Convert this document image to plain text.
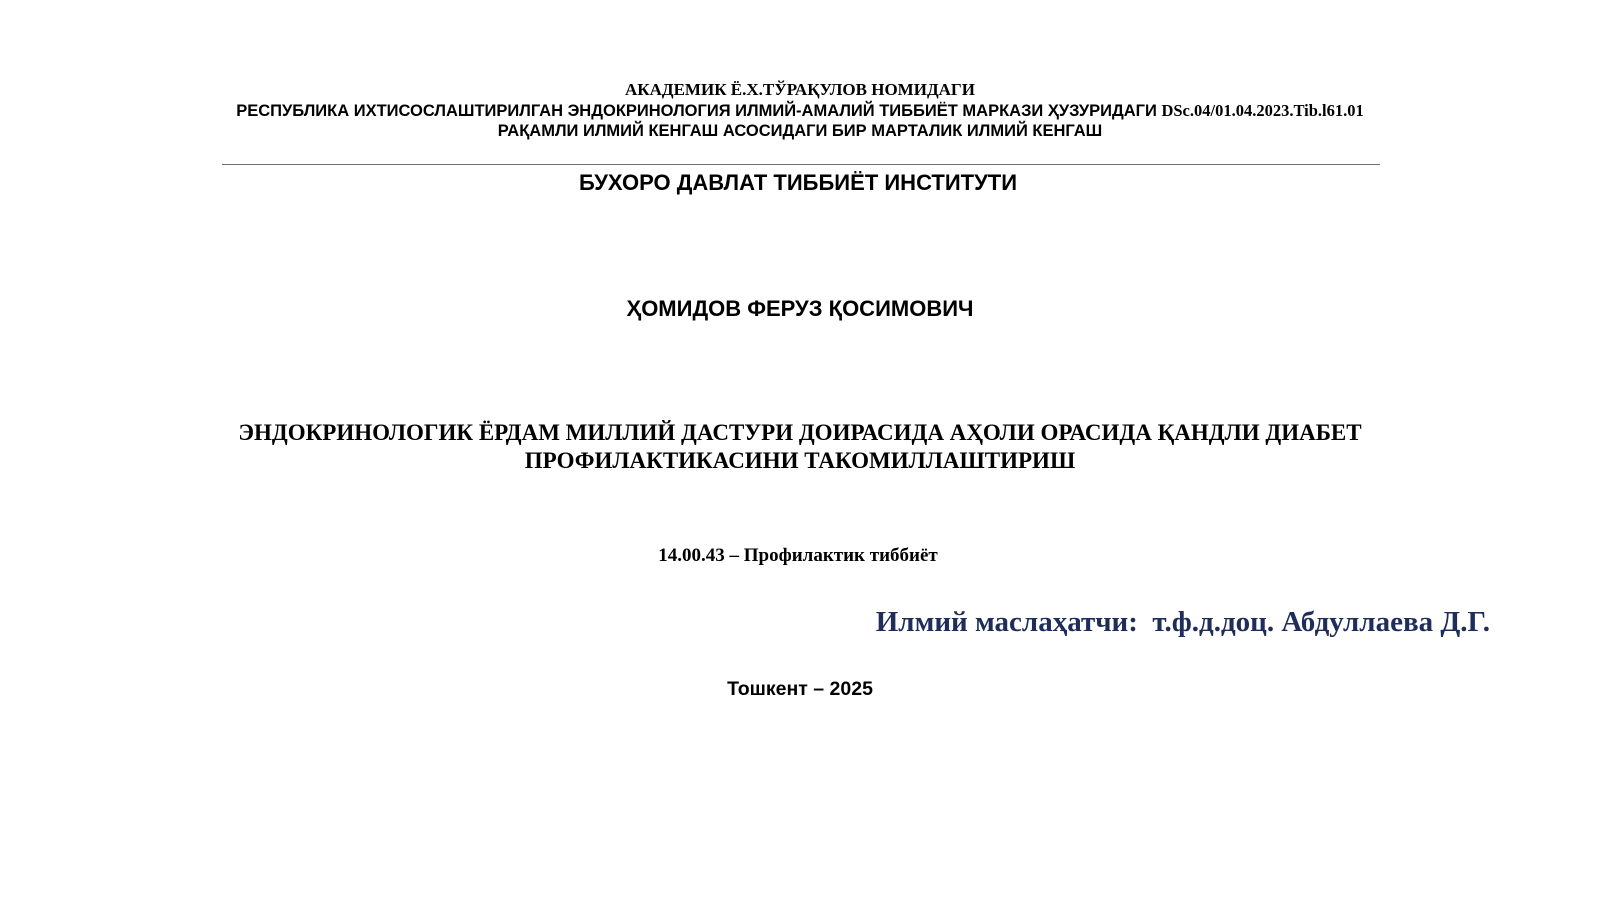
АКАДЕМИК Ё.Х.ТЎРАҚУЛОВ НОМИДАГИ
РЕСПУБЛИКА ИХТИСОСЛАШТИРИЛГАН ЭНДОКРИНОЛОГИЯ ИЛМИЙ-АМАЛИЙ ТИББИЁТ МАРКАЗИ ҲУЗУРИДАГИ DSc.04/01.04.2023.Tib.l61.01
РАҚАМЛИ ИЛМИЙ КЕНГАШ АСОСИДАГИ БИР МАРТАЛИК ИЛМИЙ КЕНГАШ
БУХОРО ДАВЛАТ ТИББИЁТ ИНСТИТУТИ
ҲОМИДОВ ФЕРУЗ ҚОСИМОВИЧ
ЭНДОКРИНОЛОГИК ЁРДАМ МИЛЛИЙ ДАСТУРИ ДОИРАСИДА АҲОЛИ ОРАСИДА ҚАНДЛИ ДИАБЕТ
ПРОФИЛАКТИКАСИНИ ТАКОМИЛЛАШТИРИШ
14.00.43 – Профилактик тиббиёт
Илмий маслаҳатчи:  т.ф.д.доц. Абдуллаева Д.Г.
Тошкент – 2025
